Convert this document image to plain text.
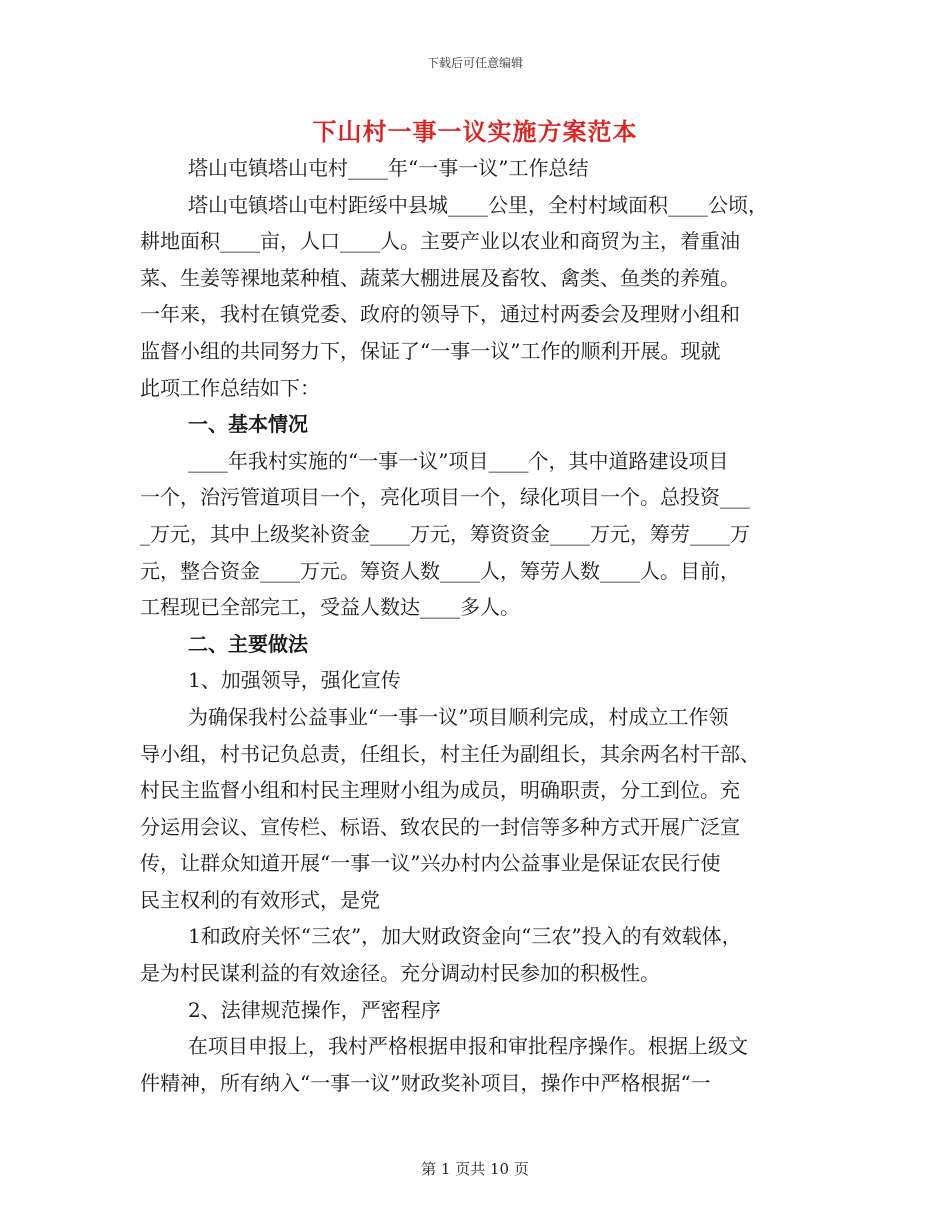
下载后可任意编辑
下山村一事一议实施方案范本
塔山屯镇塔山屯村____年“一事一议”工作总结
塔山屯镇塔山屯村距绥中县城____公里，全村村域面积____公顷，
耕地面积____亩，人口____人。主要产业以农业和商贸为主，着重油
菜、生姜等裸地菜种植、蔬菜大棚进展及畜牧、禽类、鱼类的养殖。
一年来，我村在镇党委、政府的领导下，通过村两委会及理财小组和
监督小组的共同努力下，保证了“一事一议”工作的顺利开展。现就
此项工作总结如下：
一、基本情况
____年我村实施的“一事一议”项目____个，其中道路建设项目
一个，治污管道项目一个，亮化项目一个，绿化项目一个。总投资___
_万元，其中上级奖补资金____万元，筹资资金____万元，筹劳____万
元，整合资金____万元。筹资人数____人，筹劳人数____人。目前，
工程现已全部完工，受益人数达____多人。
二、主要做法
1、加强领导，强化宣传
为确保我村公益事业“一事一议”项目顺利完成，村成立工作领
导小组，村书记负总责，任组长，村主任为副组长，其余两名村干部、
村民主监督小组和村民主理财小组为成员，明确职责，分工到位。充
分运用会议、宣传栏、标语、致农民的一封信等多种方式开展广泛宣
传，让群众知道开展“一事一议”兴办村内公益事业是保证农民行使
民主权利的有效形式，是党
1和政府关怀“三农”，加大财政资金向“三农”投入的有效载体，
是为村民谋利益的有效途径。充分调动村民参加的积极性。
2、法律规范操作，严密程序
在项目申报上，我村严格根据申报和审批程序操作。根据上级文
件精神，所有纳入“一事一议”财政奖补项目，操作中严格根据“一
第 1 页共 10 页
